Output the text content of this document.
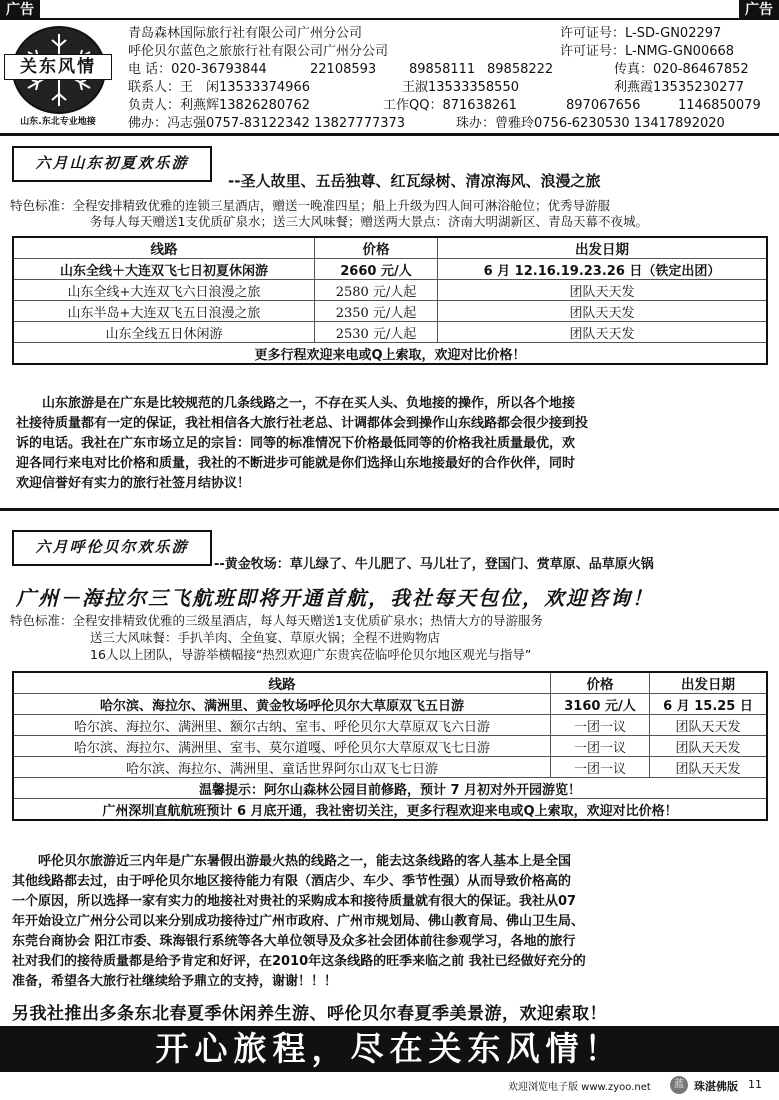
广告	广告
关东风情
山东.东北专业地接
青岛森林国际旅行社有限公司广州分公司	许可证号：L-SD-GN02297
呼伦贝尔蓝色之旅旅行社有限公司广州分公司	许可证号：L-NMG-GN00668
电 话：020-36793844	22108593	89858111 89858222	传真：020-86467852
联系人：王　闲13533374966	王淑13533358550	利燕霞13535230277
负责人：利燕辉13826280762	工作QQ：871638261	897067656	1146850079
佛办：冯志强0757-83122342 13827777373	珠办：曾雅玲0756-6230530 13417892020
六月山东初夏欢乐游
--圣人故里、五岳独尊、红瓦绿树、清凉海风、浪漫之旅
特色标准：全程安排精致优雅的连锁三星酒店，赠送一晚准四星；船上升级为四人间可淋浴舱位；优秀导游服
务每人每天赠送1支优质矿泉水；送三大风味餐；赠送两大景点：济南大明湖新区、青岛天幕不夜城。
线路	价格	出发日期
山东全线＋大连双飞七日初夏休闲游	2660 元/人	6 月 12.16.19.23.26 日（铁定出团）
山东全线+大连双飞六日浪漫之旅	2580 元/人起	团队天天发
山东半岛+大连双飞五日浪漫之旅	2350 元/人起	团队天天发
山东全线五日休闲游	2530 元/人起	团队天天发
更多行程欢迎来电或Q上索取，欢迎对比价格！		
　　山东旅游是在广东是比较规范的几条线路之一，不存在买人头、负地接的操作，所以各个地接
社接待质量都有一定的保证，我社相信各大旅行社老总、计调都体会到操作山东线路都会很少接到投
诉的电话。我社在广东市场立足的宗旨：同等的标准情况下价格最低同等的价格我社质量最优，欢
迎各同行来电对比价格和质量，我社的不断进步可能就是你们选择山东地接最好的合作伙伴，同时
欢迎信誉好有实力的旅行社签月结协议！
六月呼伦贝尔欢乐游
--黄金牧场：草儿绿了、牛儿肥了、马儿壮了，登国门、赏草原、品草原火锅
广州－海拉尔三飞航班即将开通首航，我社每天包位，欢迎咨询！
特色标准：全程安排精致优雅的三级星酒店，每人每天赠送1支优质矿泉水；热情大方的导游服务
送三大风味餐：手扒羊肉、全鱼宴、草原火锅；全程不进购物店
16人以上团队，导游举横幅接“热烈欢迎广东贵宾莅临呼伦贝尔地区观光与指导”
线路	价格	出发日期
哈尔滨、海拉尔、满洲里、黄金牧场呼伦贝尔大草原双飞五日游	3160 元/人	6 月 15.25 日
哈尔滨、海拉尔、满洲里、额尔古纳、室韦、呼伦贝尔大草原双飞六日游	一团一议	团队天天发
哈尔滨、海拉尔、满洲里、室韦、莫尔道嘎、呼伦贝尔大草原双飞七日游	一团一议	团队天天发
哈尔滨、海拉尔、满洲里、童话世界阿尔山双飞七日游	一团一议	团队天天发
温馨提示：阿尔山森林公园目前修路，预计 7 月初对外开园游览！		
广州深圳直航航班预计 6 月底开通，我社密切关注，更多行程欢迎来电或Q上索取，欢迎对比价格！		
　　呼伦贝尔旅游近三内年是广东暑假出游最火热的线路之一，能去这条线路的客人基本上是全国
其他线路都去过，由于呼伦贝尔地区接待能力有限（酒店少、车少、季节性强）从而导致价格高的
一个原因，所以选择一家有实力的地接社对贵社的采购成本和接待质量就有很大的保证。我社从07
年开始设立广州分公司以来分别成功接待过广州市政府、广州市规划局、佛山教育局、佛山卫生局、
东莞台商协会 阳江市委、珠海银行系统等各大单位领导及众多社会团体前往参观学习，各地的旅行
社对我们的接待质量都是给予肯定和好评，在2010年这条线路的旺季来临之前 我社已经做好充分的
准备，希望各大旅行社继续给予鼎立的支持，谢谢！！！
另我社推出多条东北春夏季休闲养生游、呼伦贝尔春夏季美景游，欢迎索取！
开心旅程，尽在关东风情！
欢迎浏览电子版 www.zyoo.net	蓝 珠湛佛版 11
